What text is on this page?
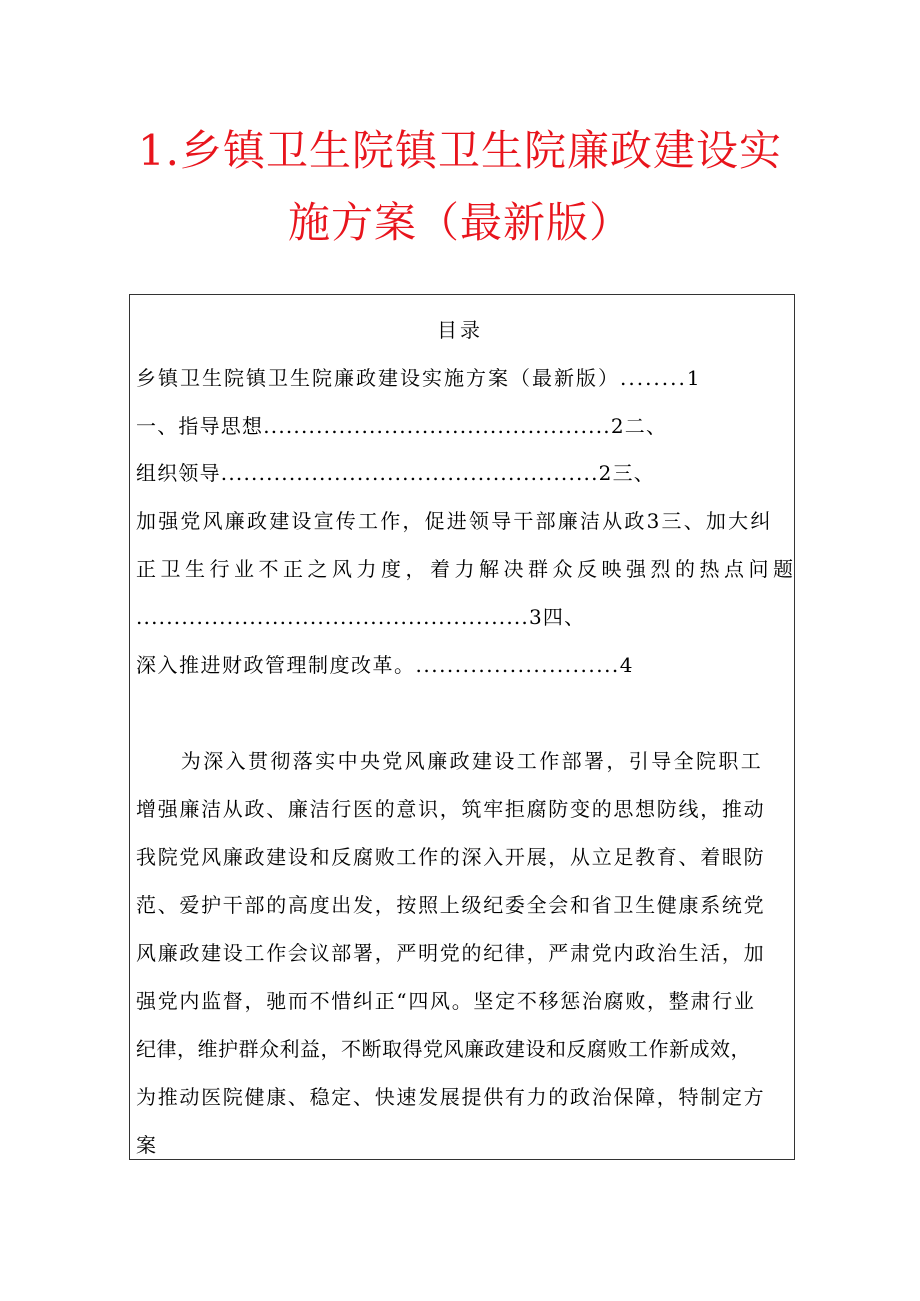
1.乡镇卫生院镇卫生院廉政建设实
施方案（最新版）
目录
乡镇卫生院镇卫生院廉政建设实施方案（最新版）........1
一、指导思想..............................................2二、
组织领导..................................................2三、
加强党风廉政建设宣传工作，促进领导干部廉洁从政3三、加大纠
正卫生行业不正之风力度，着力解决群众反映强烈的热点问题
....................................................3四、
深入推进财政管理制度改革。..........................4
　　为深入贯彻落实中央党风廉政建设工作部署，引导全院职工
增强廉洁从政、廉洁行医的意识，筑牢拒腐防变的思想防线，推动
我院党风廉政建设和反腐败工作的深入开展，从立足教育、着眼防
范、爱护干部的高度出发，按照上级纪委全会和省卫生健康系统党
风廉政建设工作会议部署，严明党的纪律，严肃党内政治生活，加
强党内监督，驰而不惜纠正“四风。坚定不移惩治腐败，整肃行业
纪律，维护群众利益，不断取得党风廉政建设和反腐败工作新成效，
为推动医院健康、稳定、快速发展提供有力的政治保障，特制定方
案
